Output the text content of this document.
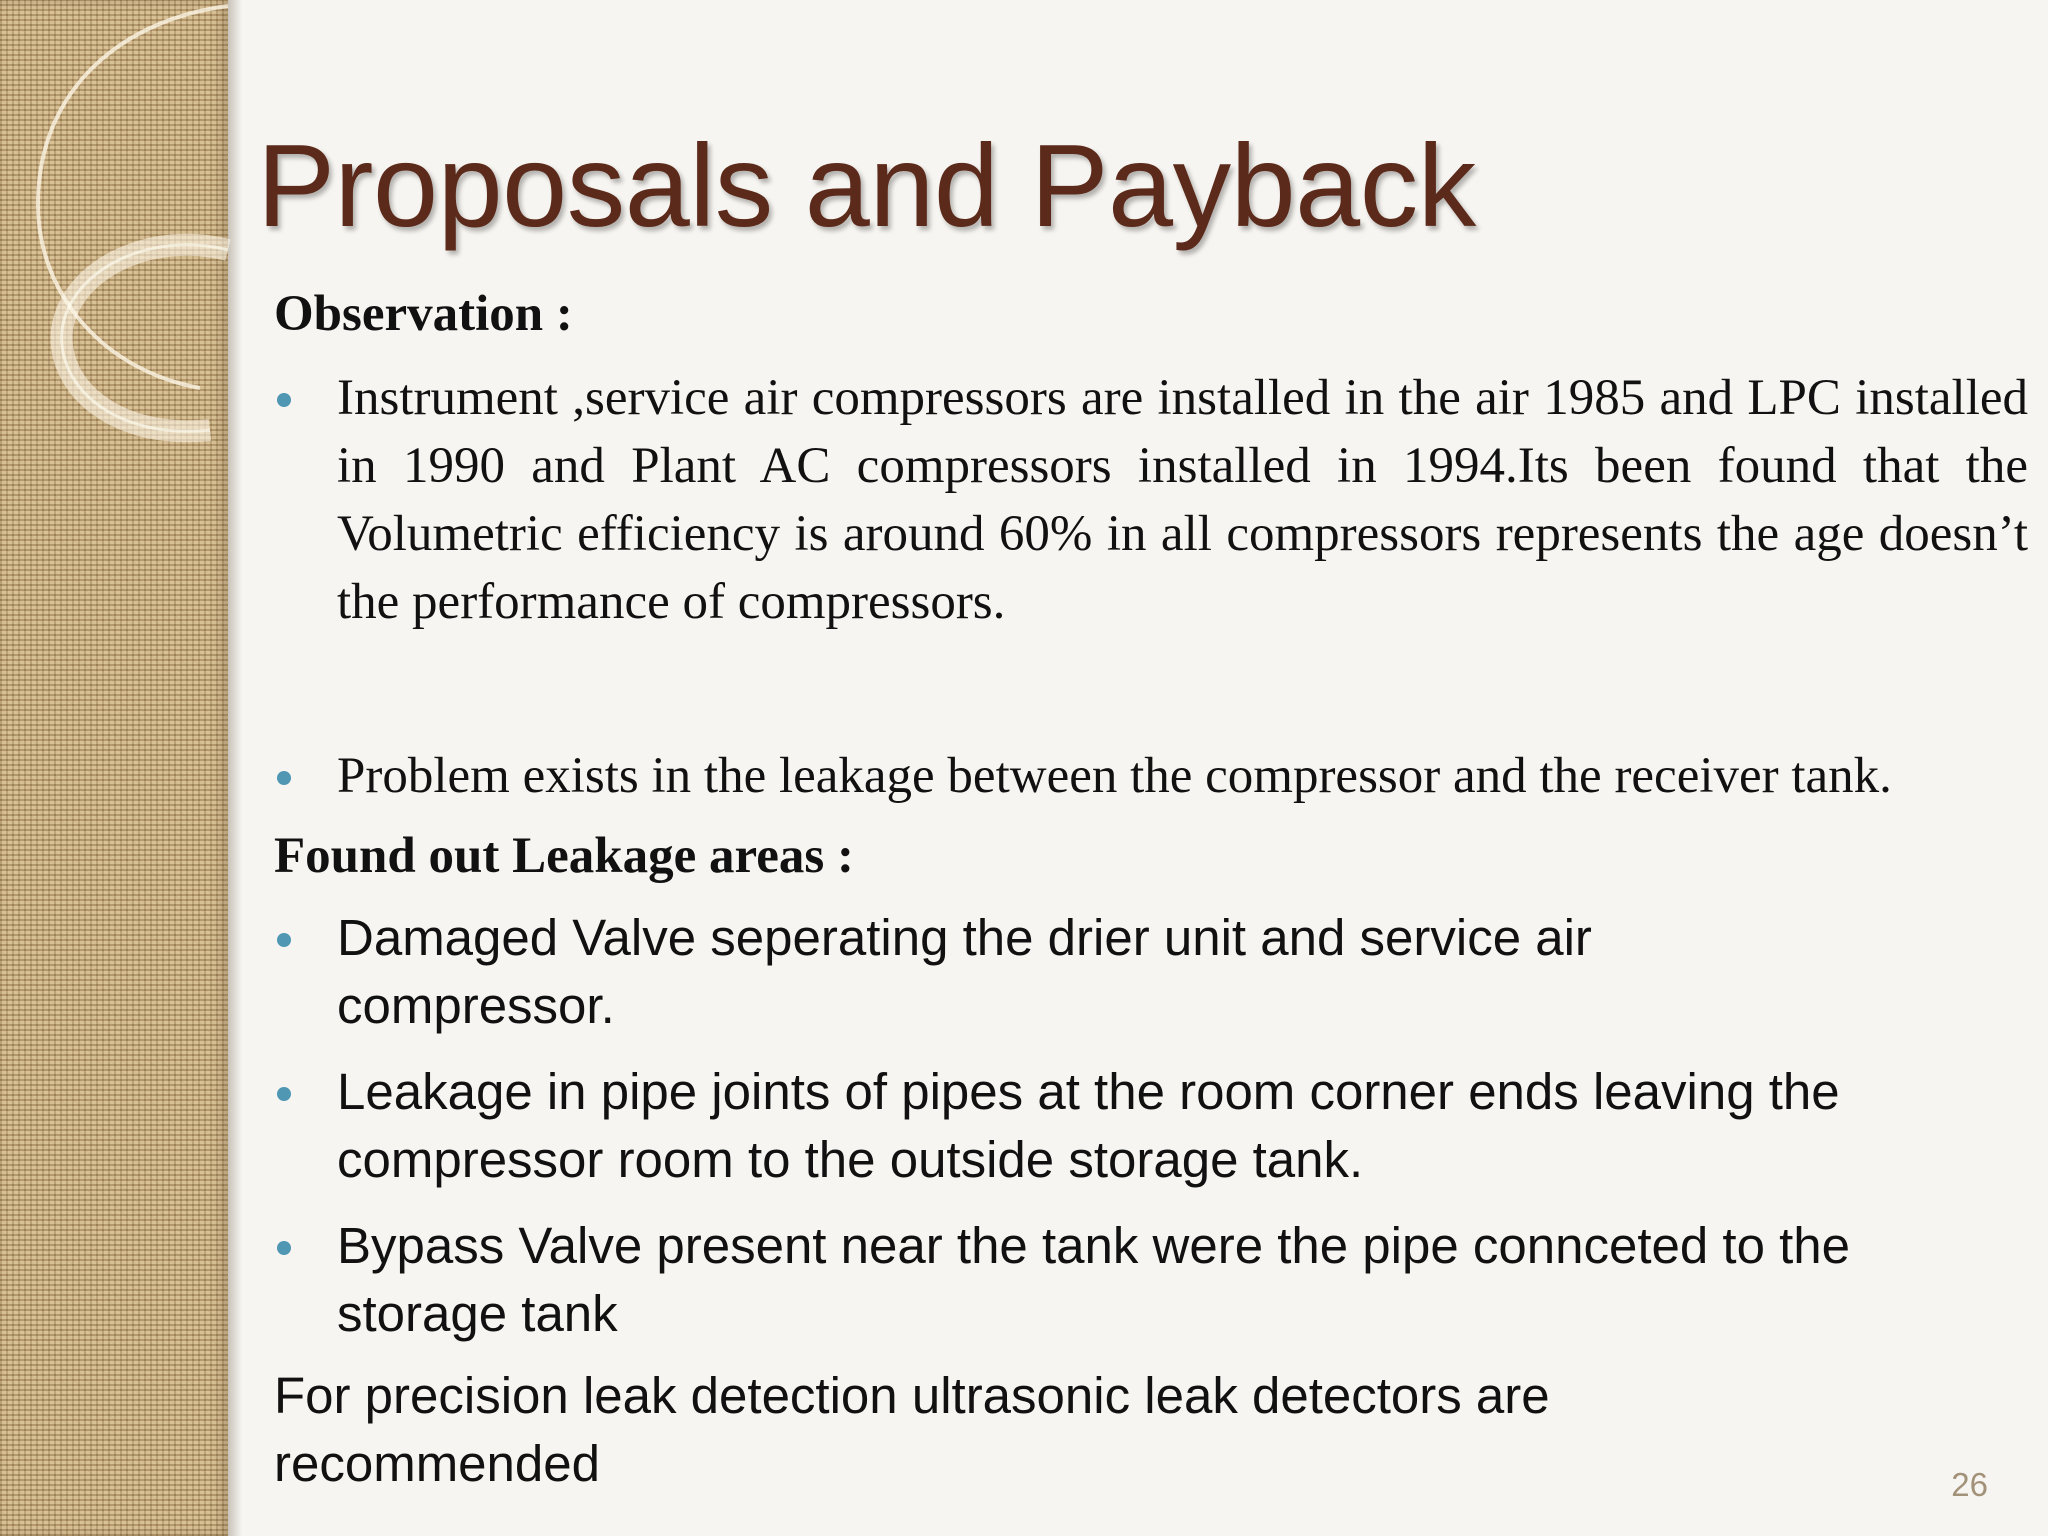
Proposals and Payback

Observation :

Instrument ,service air compressors are installed in the air 1985 and LPC installed in 1990 and Plant AC compressors installed in 1994.Its been found that the Volumetric efficiency is around 60% in all compressors represents the age doesn’t the performance of compressors.
Problem exists in the leakage between the compressor and the receiver tank.

Found out Leakage areas :

Damaged Valve seperating the drier unit and service air compressor.
Leakage in pipe joints of pipes at the room corner ends leaving the compressor room to the outside storage tank.
Bypass Valve present near the tank were the pipe connceted to the storage tank

For precision leak detection ultrasonic leak detectors are recommended	26
